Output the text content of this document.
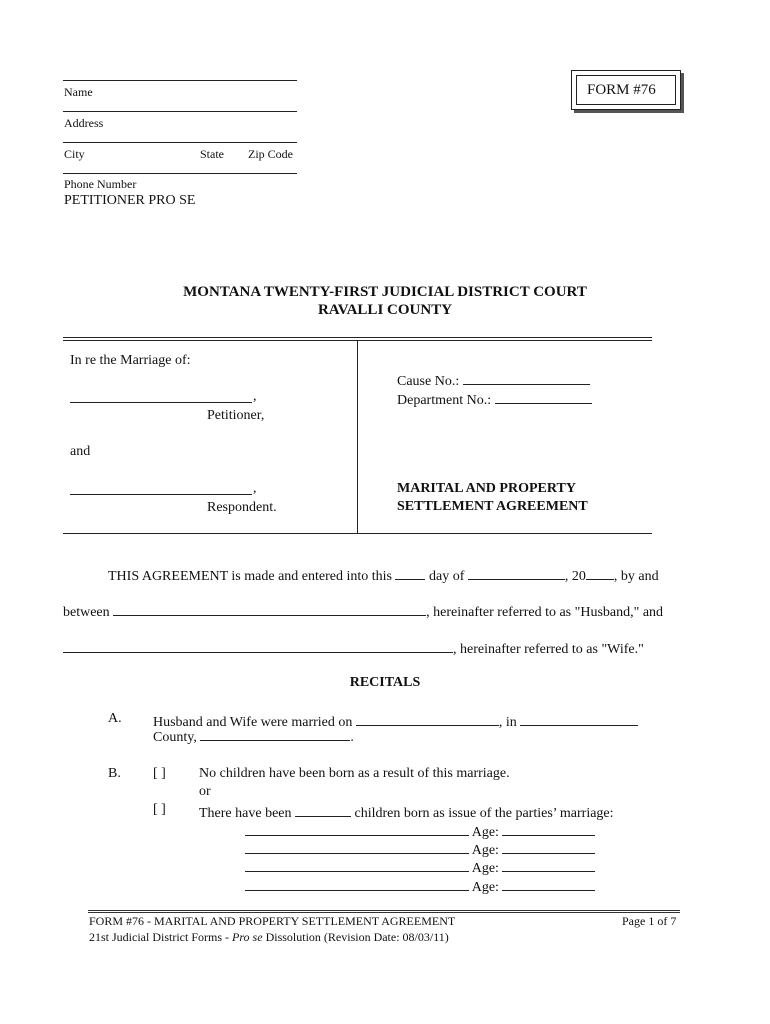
Name
Address
City	State Zip Code
Phone Number
PETITIONER PRO SE
FORM #76
MONTANA TWENTY-FIRST JUDICIAL DISTRICT COURT
RAVALLI COUNTY
In re the Marriage of:
,
Petitioner,
and
,
Respondent.
Cause No.:
Department No.:
MARITAL AND PROPERTY
SETTLEMENT AGREEMENT
THIS AGREEMENT is made and entered into this	day of	, 20 , by and
between	, hereinafter referred to as "Husband," and
, hereinafter referred to as "Wife."
RECITALS
A. Husband and Wife were married on	, in
County,	.
B. [ ] No children have been born as a result of this marriage.
or
[ ] There have been	children born as issue of the parties’ marriage:
Age:
Age:
Age:
Age:
FORM #76 - MARITAL AND PROPERTY SETTLEMENT AGREEMENT	Page 1 of 7
21st Judicial District Forms - Pro se Dissolution (Revision Date: 08/03/11)
